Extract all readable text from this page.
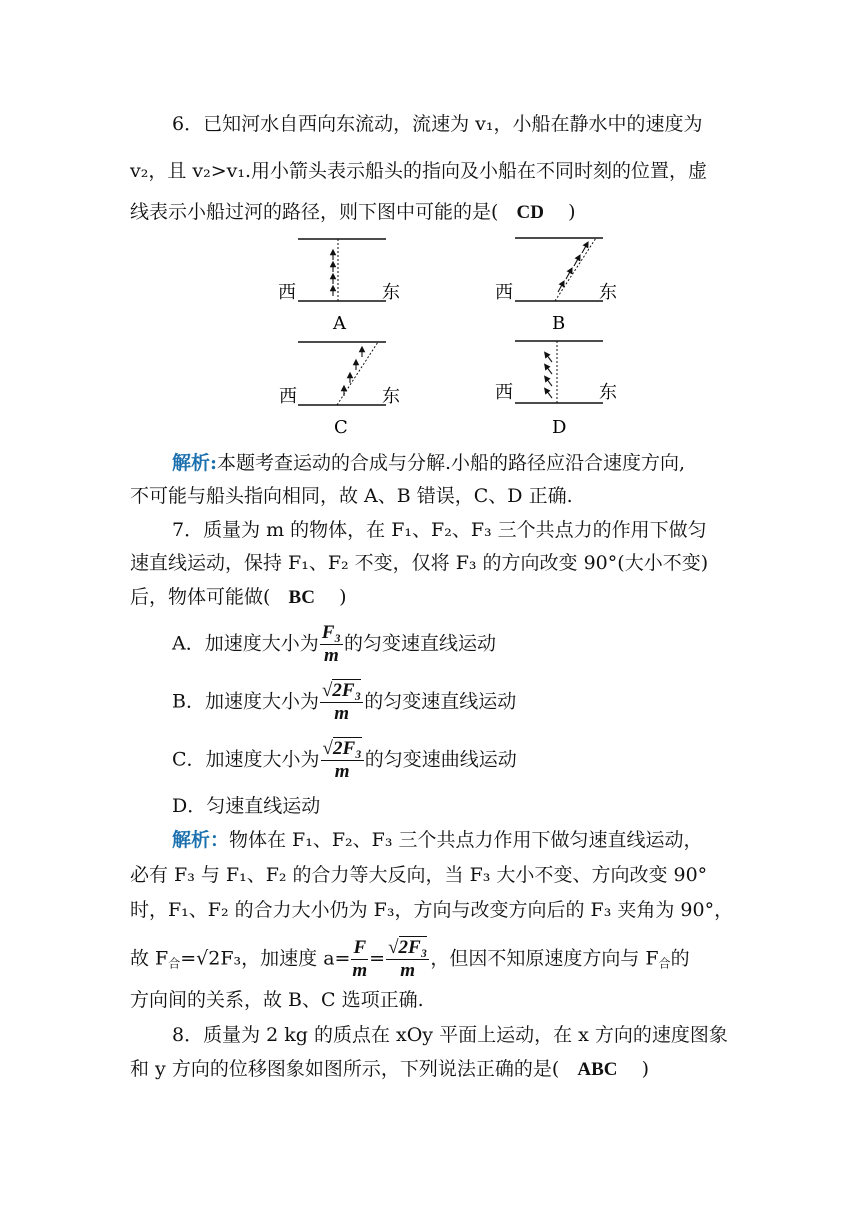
6．已知河水自西向东流动，流速为 v₁，小船在静水中的速度为
v₂，且 v₂>v₁.用小箭头表示船头的指向及小船在不同时刻的位置，虚
线表示小船过河的路径，则下图中可能的是( CD )
西	东
A
西	东
B
西	东
C
西	东
D
解析:本题考查运动的合成与分解.小船的路径应沿合速度方向,
不可能与船头指向相同，故 A、B 错误，C、D 正确.
7．质量为 m 的物体，在 F₁、F₂、F₃ 三个共点力的作用下做匀
速直线运动，保持 F₁、F₂ 不变，仅将 F₃ 的方向改变 90°(大小不变)
后，物体可能做( BC )
A．加速度大小为 $\frac{\text{F₃}}{m}$ 的匀变速直线运动
B．加速度大小为 $\frac{\text{√2F₃}}{m}$ 的匀变速直线运动
C．加速度大小为 $\frac{\text{√2F₃}}{m}$ 的匀变速曲线运动
D．匀速直线运动
解析：物体在 F₁、F₂、F₃ 三个共点力作用下做匀速直线运动，
必有 F₃ 与 F₁、F₂ 的合力等大反向，当 F₃ 大小不变、方向改变 90°
时，F₁、F₂ 的合力大小仍为 F₃，方向与改变方向后的 F₃ 夹角为 90°，
故 $F_合=√2F_3$，加速度 $a= \frac{F}{m} = \frac{\text{√2F₃}}{m}$ ，但因不知原速度方向与 $F_合$的
方向间的关系，故 B、C 选项正确.
8．质量为 2 kg 的质点在 xOy 平面上运动，在 x 方向的速度图象
和 y 方向的位移图象如图所示，下列说法正确的是( ABC )
